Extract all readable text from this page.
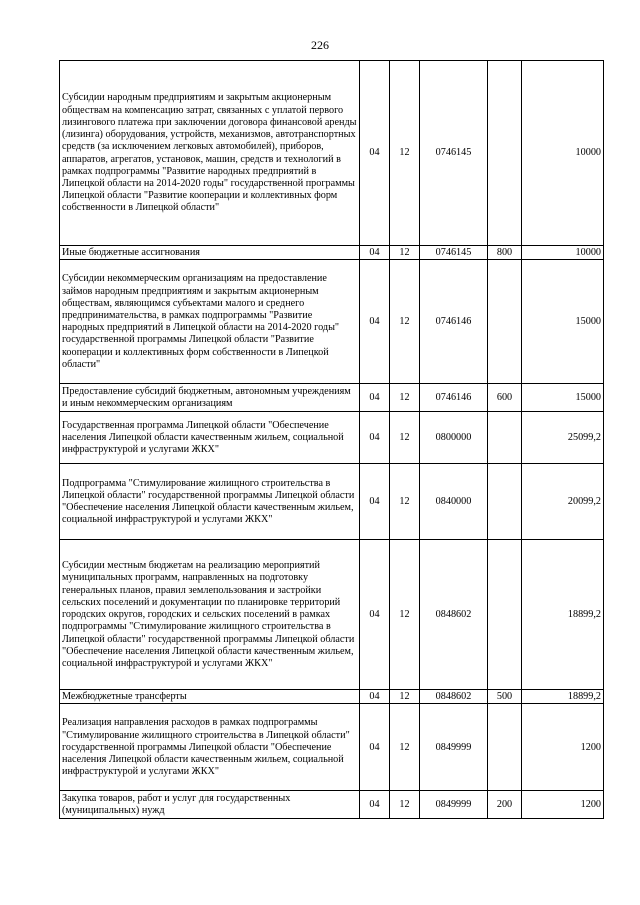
226
Субсидии народным предприятиям и закрытым акционерным обществам на компенсацию затрат, связанных с уплатой первого лизингового платежа при заключении договора финансовой аренды (лизинга) оборудования, устройств, механизмов, автотранспортных средств (за исключением легковых автомобилей), приборов, аппаратов, агрегатов, установок, машин, средств и технологий в рамках подпрограммы "Развитие народных предприятий в Липецкой области на 2014-2020 годы" государственной программы Липецкой области "Развитие кооперации и коллективных форм собственности в Липецкой области"	04	12	0746145		10000
Иные бюджетные ассигнования	04	12	0746145	800	10000
Субсидии некоммерческим организациям на предоставление займов народным предприятиям и закрытым акционерным обществам, являющимся субъектами малого и среднего предпринимательства, в рамках подпрограммы "Развитие народных предприятий в Липецкой области на 2014-2020 годы" государственной программы Липецкой области "Развитие кооперации и коллективных форм собственности в Липецкой области"	04	12	0746146		15000
Предоставление субсидий бюджетным, автономным учреждениям и иным некоммерческим организациям	04	12	0746146	600	15000
Государственная программа Липецкой области "Обеспечение населения Липецкой области качественным жильем, социальной инфраструктурой и услугами ЖКХ"	04	12	0800000		25099,2
Подпрограмма "Стимулирование жилищного строительства в Липецкой области" государственной программы Липецкой области "Обеспечение населения Липецкой области качественным жильем, социальной инфраструктурой и услугами ЖКХ"	04	12	0840000		20099,2
Субсидии местным бюджетам на реализацию мероприятий муниципальных программ, направленных на подготовку генеральных планов, правил землепользования и застройки сельских поселений и документации по планировке территорий городских округов, городских и сельских поселений в рамках подпрограммы "Стимулирование жилищного строительства в Липецкой области" государственной программы Липецкой области "Обеспечение населения Липецкой области качественным жильем, социальной инфраструктурой и услугами ЖКХ"	04	12	0848602		18899,2
Межбюджетные трансферты	04	12	0848602	500	18899,2
Реализация направления расходов в рамках подпрограммы "Стимулирование жилищного строительства в Липецкой области" государственной программы Липецкой области "Обеспечение населения Липецкой области качественным жильем, социальной инфраструктурой и услугами ЖКХ"	04	12	0849999		1200
Закупка товаров, работ и услуг для государственных (муниципальных) нужд	04	12	0849999	200	1200
